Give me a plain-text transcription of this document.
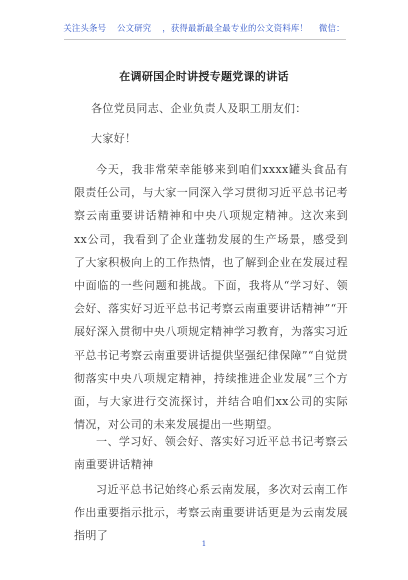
关注头条号 公文研究 ，获得最新最全最专业的公文资料库！ 微信：
在调研国企时讲授专题党课的讲话

各位党员同志、企业负责人及职工朋友们：

大家好！

今天，我非常荣幸能够来到咱们xxxx罐头食品有限责任公司，与大家一同深入学习贯彻习近平总书记考察云南重要讲话精神和中央八项规定精神。这次来到xx公司，我看到了企业蓬勃发展的生产场景，感受到了大家积极向上的工作热情，也了解到企业在发展过程中面临的一些问题和挑战。下面，我将从“学习好、领会好、落实好习近平总书记考察云南重要讲话精神”“开展好深入贯彻中央八项规定精神学习教育，为落实习近平总书记考察云南重要讲话提供坚强纪律保障”“自觉贯彻落实中央八项规定精神，持续推进企业发展”三个方面，与大家进行交流探讨，并结合咱们xx公司的实际情况，对公司的未来发展提出一些期望。

一、学习好、领会好、落实好习近平总书记考察云南重要讲话精神

习近平总书记始终心系云南发展，多次对云南工作作出重要指示批示，考察云南重要讲话更是为云南发展指明了

1
